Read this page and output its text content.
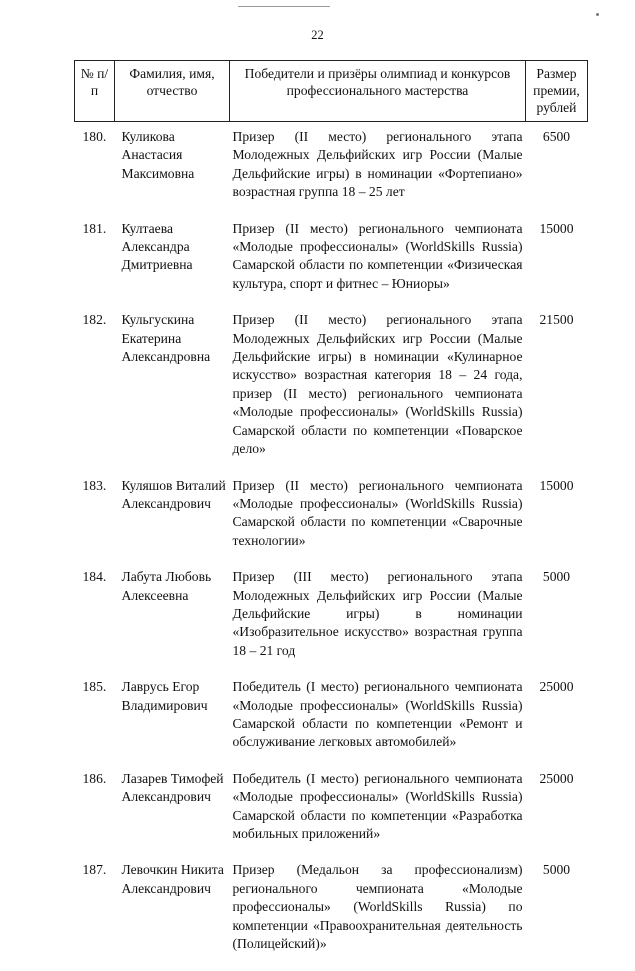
22
№ п/п	Фамилия, имя, отчество	Победители и призёры олимпиад и конкурсов профессионального мастерства	Размер премии, рублей
180.	Куликова Анастасия Максимовна	Призер (II место) регионального этапа Молодежных Дельфийских игр России (Малые Дельфийские игры) в номинации «Фортепиано» возрастная группа 18 – 25 лет	6500
181.	Култаева Александра Дмитриевна	Призер (II место) регионального чемпионата «Молодые профессионалы» (WorldSkills Russia) Самарской области по компетенции «Физическая культура, спорт и фитнес – Юниоры»	15000
182.	Кульгускина Екатерина Александровна	Призер (II место) регионального этапа Молодежных Дельфийских игр России (Малые Дельфийские игры) в номинации «Кулинарное искусство» возрастная категория 18 – 24 года, призер (II место) регионального чемпионата «Молодые профессионалы» (WorldSkills Russia) Самарской области по компетенции «Поварское дело»	21500
183.	Куляшов Виталий Александрович	Призер (II место) регионального чемпионата «Молодые профессионалы» (WorldSkills Russia) Самарской области по компетенции «Сварочные технологии»	15000
184.	Лабута Любовь Алексеевна	Призер (III место) регионального этапа Молодежных Дельфийских игр России (Малые Дельфийские игры) в номинации «Изобразительное искусство» возрастная группа 18 – 21 год	5000
185.	Лаврусь Егор Владимирович	Победитель (I место) регионального чемпионата «Молодые профессионалы» (WorldSkills Russia) Самарской области по компетенции «Ремонт и обслуживание легковых автомобилей»	25000
186.	Лазарев Тимофей Александрович	Победитель (I место) регионального чемпионата «Молодые профессионалы» (WorldSkills Russia) Самарской области по компетенции «Разработка мобильных приложений»	25000
187.	Левочкин Никита Александрович	Призер (Медальон за профессионализм) регионального чемпионата «Молодые профессионалы» (WorldSkills Russia) по компетенции «Правоохранительная деятельность (Полицейский)»	5000
